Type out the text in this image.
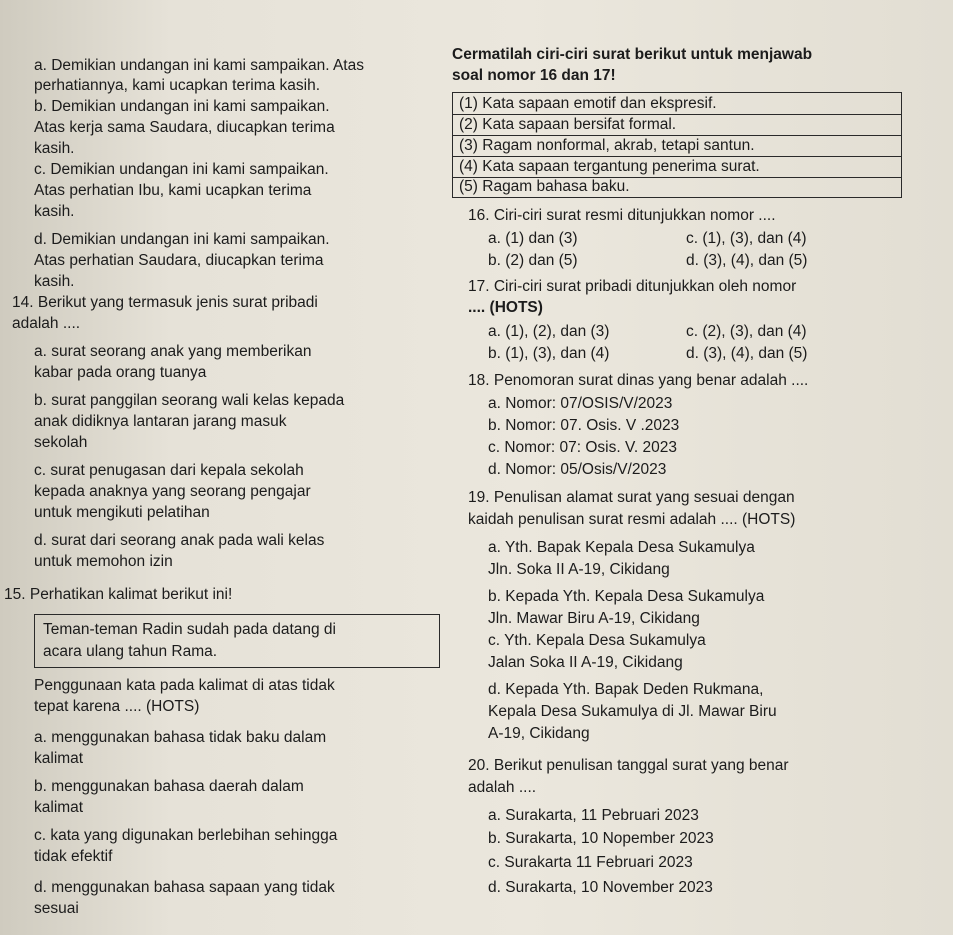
a. Demikian undangan ini kami sampaikan. Atas
perhatiannya, kami ucapkan terima kasih.
b. Demikian undangan ini kami sampaikan.
Atas kerja sama Saudara, diucapkan terima
kasih.
c. Demikian undangan ini kami sampaikan.
Atas perhatian Ibu, kami ucapkan terima
kasih.
d. Demikian undangan ini kami sampaikan.
Atas perhatian Saudara, diucapkan terima
kasih.
14. Berikut yang termasuk jenis surat pribadi
adalah ....
a. surat seorang anak yang memberikan
kabar pada orang tuanya
b. surat panggilan seorang wali kelas kepada
anak didiknya lantaran jarang masuk
sekolah
c. surat penugasan dari kepala sekolah
kepada anaknya yang seorang pengajar
untuk mengikuti pelatihan
d. surat dari seorang anak pada wali kelas
untuk memohon izin
15. Perhatikan kalimat berikut ini!
Teman-teman Radin sudah pada datang di
acara ulang tahun Rama.
Penggunaan kata pada kalimat di atas tidak
tepat karena .... (HOTS)
a. menggunakan bahasa tidak baku dalam
kalimat
b. menggunakan bahasa daerah dalam
kalimat
c. kata yang digunakan berlebihan sehingga
tidak efektif
d. menggunakan bahasa sapaan yang tidak
sesuai
Cermatilah ciri-ciri surat berikut untuk menjawab
soal nomor 16 dan 17!
(1) Kata sapaan emotif dan ekspresif.
(2) Kata sapaan bersifat formal.
(3) Ragam nonformal, akrab, tetapi santun.
(4) Kata sapaan tergantung penerima surat.
(5) Ragam bahasa baku.
16. Ciri-ciri surat resmi ditunjukkan nomor ....
a. (1) dan (3)	c. (1), (3), dan (4)
b. (2) dan (5)	d. (3), (4), dan (5)
17. Ciri-ciri surat pribadi ditunjukkan oleh nomor
.... (HOTS)
a. (1), (2), dan (3)	c. (2), (3), dan (4)
b. (1), (3), dan (4)	d. (3), (4), dan (5)
18. Penomoran surat dinas yang benar adalah ....
a. Nomor: 07/OSIS/V/2023
b. Nomor: 07. Osis. V .2023
c. Nomor: 07: Osis. V. 2023
d. Nomor: 05/Osis/V/2023
19. Penulisan alamat surat yang sesuai dengan
kaidah penulisan surat resmi adalah .... (HOTS)
a. Yth. Bapak Kepala Desa Sukamulya
Jln. Soka II A-19, Cikidang
b. Kepada Yth. Kepala Desa Sukamulya
Jln. Mawar Biru A-19, Cikidang
c. Yth. Kepala Desa Sukamulya
Jalan Soka II A-19, Cikidang
d. Kepada Yth. Bapak Deden Rukmana,
Kepala Desa Sukamulya di Jl. Mawar Biru
A-19, Cikidang
20. Berikut penulisan tanggal surat yang benar
adalah ....
a. Surakarta, 11 Pebruari 2023
b. Surakarta, 10 Nopember 2023
c. Surakarta 11 Februari 2023
d. Surakarta, 10 November 2023
